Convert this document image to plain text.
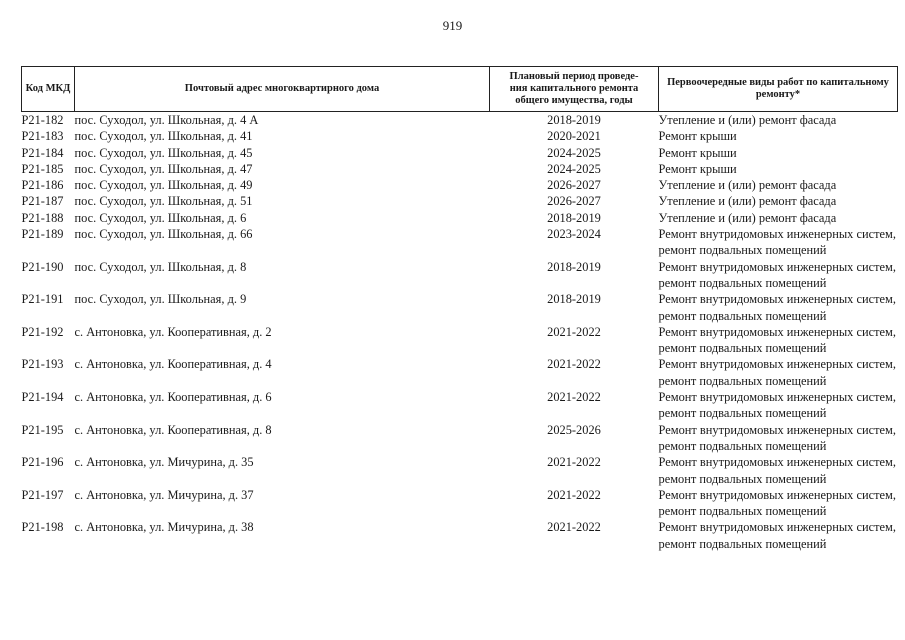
919
Код МКД	Почтовый адрес многоквартирного дома	Плановый период проведе-
ния капитального ремонта
общего имущества, годы	Первоочередные виды работ по капитальному
ремонту*
Р21-182	пос. Суходол, ул. Школьная, д. 4 А	2018-2019	Утепление и (или) ремонт фасада
Р21-183	пос. Суходол, ул. Школьная, д. 41	2020-2021	Ремонт крыши
Р21-184	пос. Суходол, ул. Школьная, д. 45	2024-2025	Ремонт крыши
Р21-185	пос. Суходол, ул. Школьная, д. 47	2024-2025	Ремонт крыши
Р21-186	пос. Суходол, ул. Школьная, д. 49	2026-2027	Утепление и (или) ремонт фасада
Р21-187	пос. Суходол, ул. Школьная, д. 51	2026-2027	Утепление и (или) ремонт фасада
Р21-188	пос. Суходол, ул. Школьная, д. 6	2018-2019	Утепление и (или) ремонт фасада
Р21-189	пос. Суходол, ул. Школьная, д. 66	2023-2024	Ремонт внутридомовых инженерных систем,
ремонт подвальных помещений
Р21-190	пос. Суходол, ул. Школьная, д. 8	2018-2019	Ремонт внутридомовых инженерных систем,
ремонт подвальных помещений
Р21-191	пос. Суходол, ул. Школьная, д. 9	2018-2019	Ремонт внутридомовых инженерных систем,
ремонт подвальных помещений
Р21-192	с. Антоновка, ул. Кооперативная, д. 2	2021-2022	Ремонт внутридомовых инженерных систем,
ремонт подвальных помещений
Р21-193	с. Антоновка, ул. Кооперативная, д. 4	2021-2022	Ремонт внутридомовых инженерных систем,
ремонт подвальных помещений
Р21-194	с. Антоновка, ул. Кооперативная, д. 6	2021-2022	Ремонт внутридомовых инженерных систем,
ремонт подвальных помещений
Р21-195	с. Антоновка, ул. Кооперативная, д. 8	2025-2026	Ремонт внутридомовых инженерных систем,
ремонт подвальных помещений
Р21-196	с. Антоновка, ул. Мичурина, д. 35	2021-2022	Ремонт внутридомовых инженерных систем,
ремонт подвальных помещений
Р21-197	с. Антоновка, ул. Мичурина, д. 37	2021-2022	Ремонт внутридомовых инженерных систем,
ремонт подвальных помещений
Р21-198	с. Антоновка, ул. Мичурина, д. 38	2021-2022	Ремонт внутридомовых инженерных систем,
ремонт подвальных помещений
